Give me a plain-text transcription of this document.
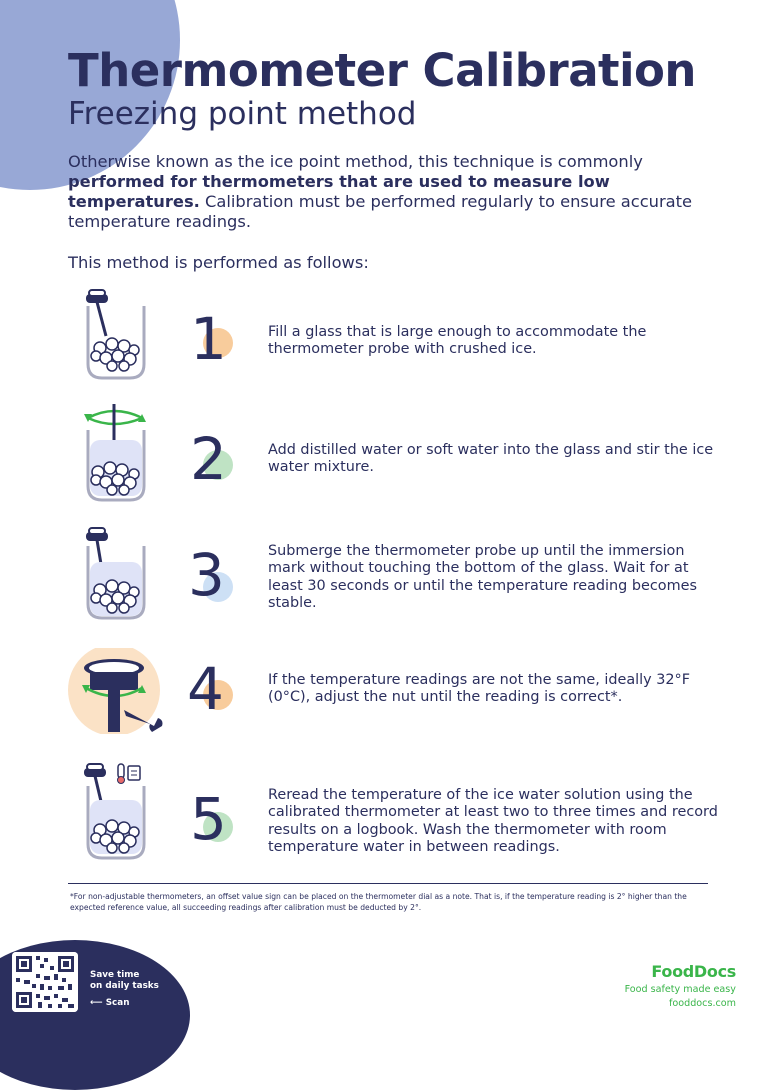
Thermometer Calibration
Freezing point method

Otherwise known as the ice point method, this technique is commonly performed for thermometers that are used to measure low temperatures. Calibration must be performed regularly to ensure accurate temperature readings.

This method is performed as follows:

1	Fill a glass that is large enough to accommodate the thermometer probe with crushed ice.

2	Add distilled water or soft water into the glass and stir the ice water mixture.

3	Submerge the thermometer probe up until the immersion mark without touching the bottom of the glass. Wait for at least 30 seconds or until the temperature reading becomes stable.

4	If the temperature readings are not the same, ideally 32°F (0°C), adjust the nut until the reading is correct*.

5	Reread the temperature of the ice water solution using the calibrated thermometer at least two to three times and record results on a logbook. Wash the thermometer with room temperature water in between readings.

*For non-adjustable thermometers, an offset value sign can be placed on the thermometer dial as a note. That is, if the temperature reading is 2° higher than the expected reference value, all succeeding readings after calibration must be deducted by 2°.

Save time
on daily tasks
⟵ Scan
FoodDocs
Food safety made easy
fooddocs.com
